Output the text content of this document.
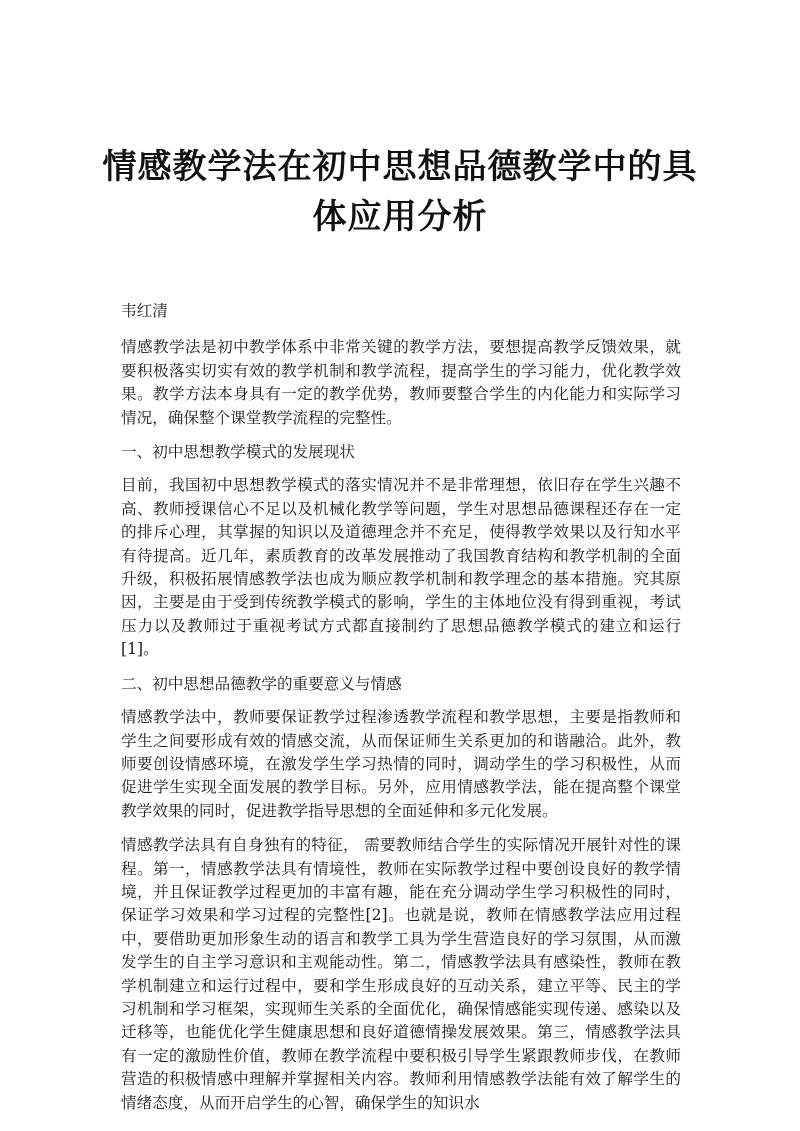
情感教学法在初中思想品德教学中的具
体应用分析

韦红清

情感教学法是初中教学体系中非常关键的教学方法，要想提高教学反馈效果，就要积极落实切实有效的教学机制和教学流程，提高学生的学习能力，优化教学效果。教学方法本身具有一定的教学优势，教师要整合学生的内化能力和实际学习情况，确保整个课堂教学流程的完整性。

一、初中思想教学模式的发展现状

目前，我国初中思想教学模式的落实情况并不是非常理想，依旧存在学生兴趣不高、教师授课信心不足以及机械化教学等问题，学生对思想品德课程还存在一定的排斥心理，其掌握的知识以及道德理念并不充足，使得教学效果以及行知水平有待提高。近几年，素质教育的改革发展推动了我国教育结构和教学机制的全面升级，积极拓展情感教学法也成为顺应教学机制和教学理念的基本措施。究其原因，主要是由于受到传统教学模式的影响，学生的主体地位没有得到重视，考试压力以及教师过于重视考试方式都直接制约了思想品德教学模式的建立和运行[1]。

二、初中思想品德教学的重要意义与情感

情感教学法中，教师要保证教学过程渗透教学流程和教学思想，主要是指教师和学生之间要形成有效的情感交流，从而保证师生关系更加的和谐融洽。此外，教师要创设情感环境，在激发学生学习热情的同时，调动学生的学习积极性，从而促进学生实现全面发展的教学目标。另外，应用情感教学法，能在提高整个课堂教学效果的同时，促进教学指导思想的全面延伸和多元化发展。

情感教学法具有自身独有的特征， 需要教师结合学生的实际情况开展针对性的课程。第一，情感教学法具有情境性，教师在实际教学过程中要创设良好的教学情境，并且保证教学过程更加的丰富有趣，能在充分调动学生学习积极性的同时，保证学习效果和学习过程的完整性[2]。也就是说，教师在情感教学法应用过程中，要借助更加形象生动的语言和教学工具为学生营造良好的学习氛围，从而激发学生的自主学习意识和主观能动性。第二，情感教学法具有感染性，教师在教学机制建立和运行过程中，要和学生形成良好的互动关系，建立平等、民主的学习机制和学习框架，实现师生关系的全面优化，确保情感能实现传递、感染以及迁移等，也能优化学生健康思想和良好道德情操发展效果。第三，情感教学法具有一定的激励性价值，教师在教学流程中要积极引导学生紧跟教师步伐，在教师营造的积极情感中理解并掌握相关内容。教师利用情感教学法能有效了解学生的情绪态度，从而开启学生的心智，确保学生的知识水
